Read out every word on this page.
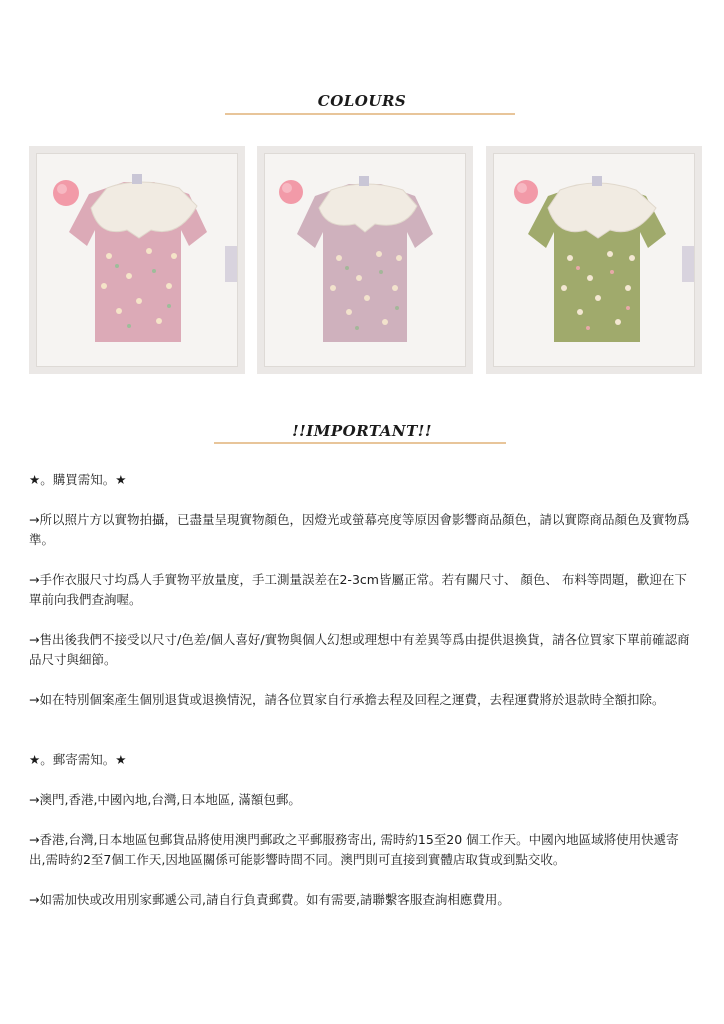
COLOURS
!!IMPORTANT!!

★。購買需知。★

→所以照片方以實物拍攝，已盡量呈現實物顏色，因燈光或螢幕亮度等原因會影響商品顏色，請以實際商品顏色及實物爲準。

→手作衣服尺寸均爲人手實物平放量度，手工測量誤差在2-3cm皆屬正常。若有關尺寸、 顏色、 布料等問題，歡迎在下單前向我們查詢喔。

→售出後我們不接受以尺寸/色差/個人喜好/實物與個人幻想或理想中有差異等爲由提供退換貨，請各位買家下單前確認商品尺寸與細節。

→如在特別個案產生個別退貨或退換情況，請各位買家自行承擔去程及回程之運費，去程運費將於退款時全額扣除。

★。郵寄需知。★

→澳門,香港,中國內地,台灣,日本地區, 滿額包郵。

→香港,台灣,日本地區包郵貨品將使用澳門郵政之平郵服務寄出, 需時約15至20 個工作天。中國內地區域將使用快遞寄出,需時約2至7個工作天,因地區關係可能影響時間不同。澳門則可直接到實體店取貨或到點交收。

→如需加快或改用別家郵遞公司,請自行負責郵費。如有需要,請聯繫客服查詢相應費用。
